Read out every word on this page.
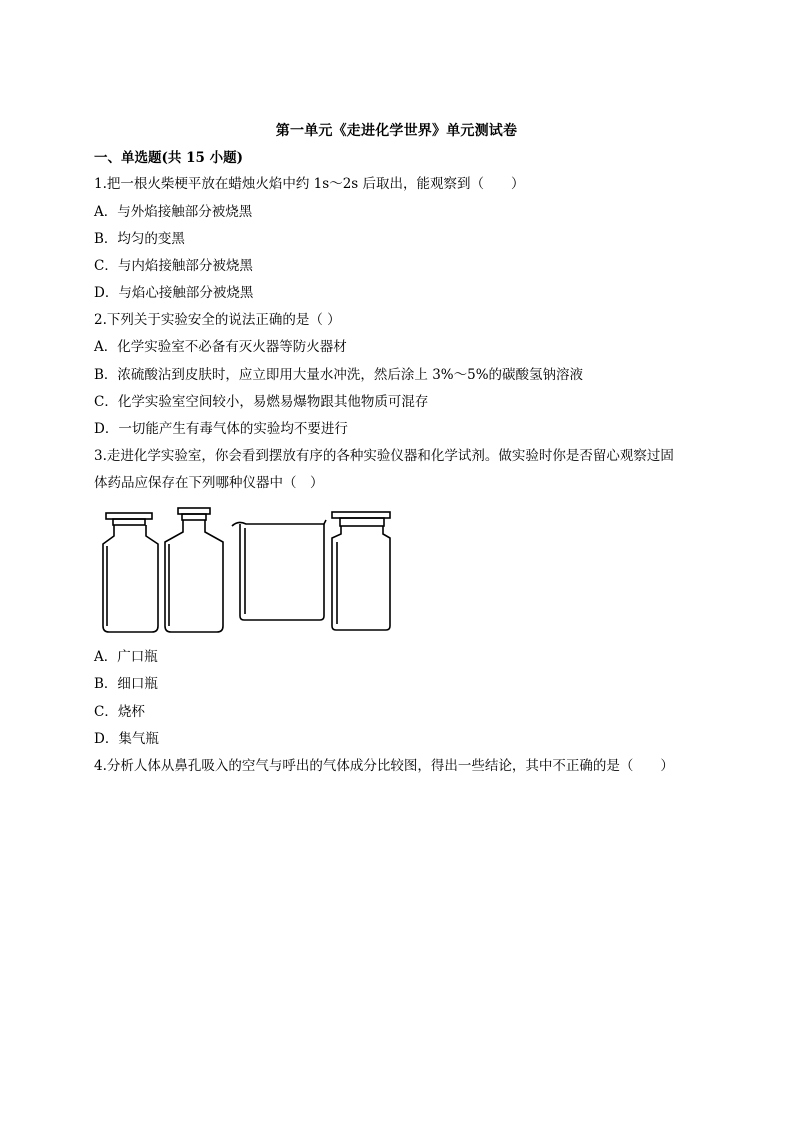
第一单元《走进化学世界》单元测试卷
一、单选题(共 15 小题)
1.把一根火柴梗平放在蜡烛火焰中约 1s～2s 后取出，能观察到（　　）
A．与外焰接触部分被烧黑
B．均匀的变黑
C．与内焰接触部分被烧黑
D．与焰心接触部分被烧黑
2.下列关于实验安全的说法正确的是（ ）
A．化学实验室不必备有灭火器等防火器材
B．浓硫酸沾到皮肤时，应立即用大量水冲洗，然后涂上 3%～5%的碳酸氢钠溶液
C．化学实验室空间较小，易燃易爆物跟其他物质可混存
D．一切能产生有毒气体的实验均不要进行
3.走进化学实验室，你会看到摆放有序的各种实验仪器和化学试剂。做实验时你是否留心观察过固
体药品应保存在下列哪种仪器中（　）
A．广口瓶
B．细口瓶
C．烧杯
D．集气瓶
4.分析人体从鼻孔吸入的空气与呼出的气体成分比较图，得出一些结论，其中不正确的是（　　）
